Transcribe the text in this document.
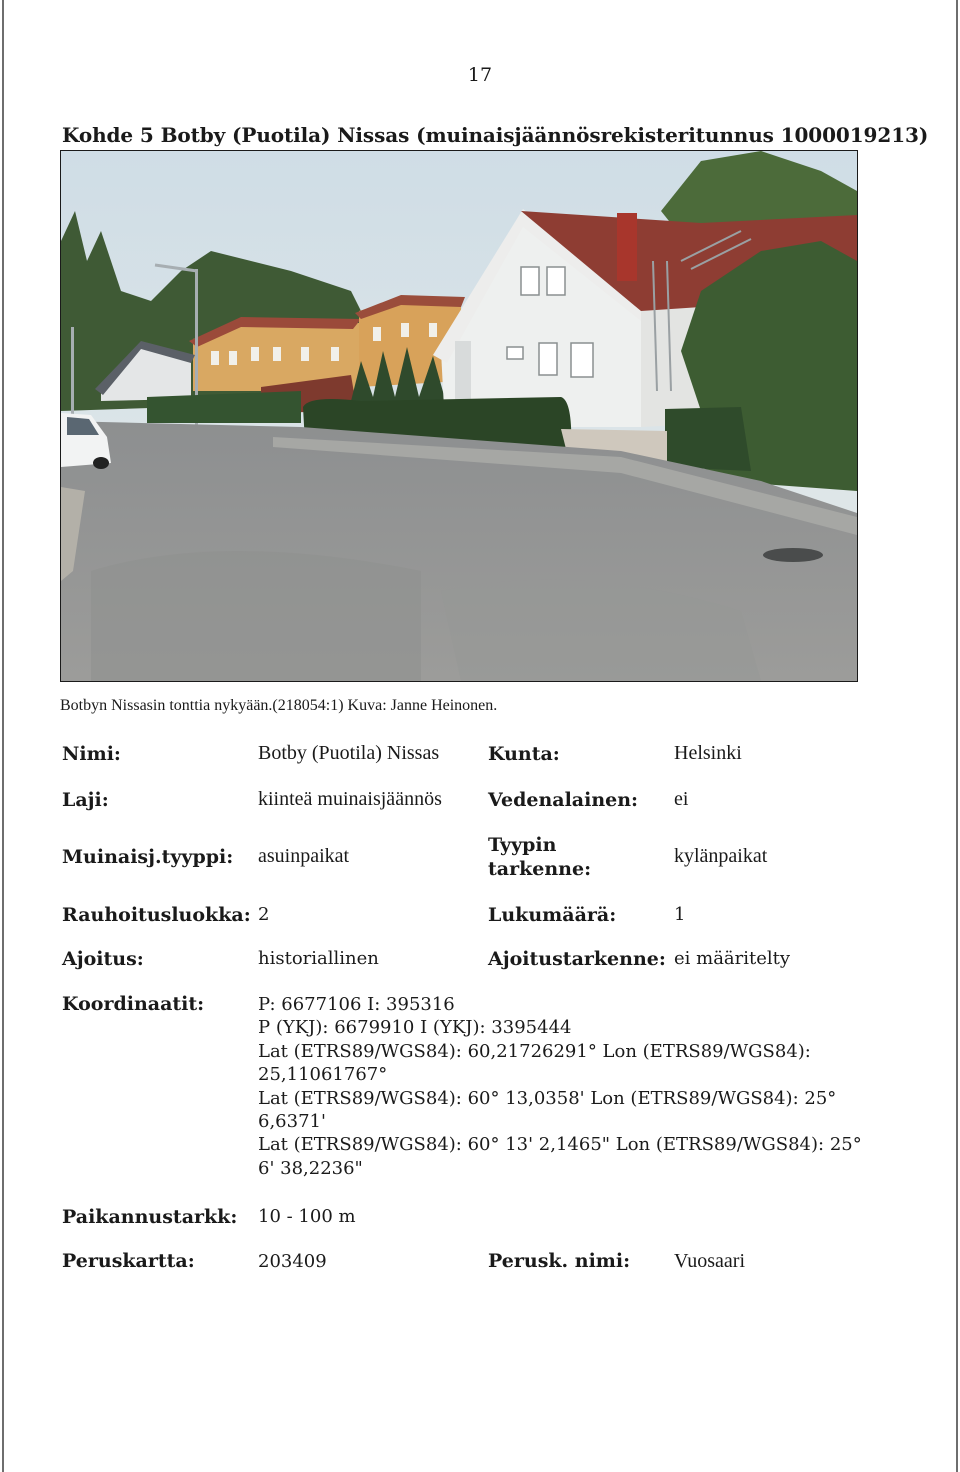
17
Kohde 5 Botby (Puotila) Nissas (muinaisjäännösrekisteritunnus 1000019213)
Botbyn Nissasin tonttia nykyään.(218054:1) Kuva: Janne Heinonen.
Nimi:	Botby (Puotila) Nissas	Kunta:	Helsinki
Laji:	kiinteä muinaisjäännös Vedenalainen: ei
Muinaisj.tyyppi: asuinpaikat	Tyypin
tarkenne:
kylänpaikat
Rauhoitusluokka: 2	Lukumäärä:	1
Ajoitus:	historiallinen	Ajoitustarkenne: ei määritelty
Koordinaatit:	P: 6677106 I: 395316
P (YKJ): 6679910 I (YKJ): 3395444
Lat (ETRS89/WGS84): 60,21726291° Lon (ETRS89/WGS84):
25,11061767°
Lat (ETRS89/WGS84): 60° 13,0358' Lon (ETRS89/WGS84): 25°
6,6371'
Lat (ETRS89/WGS84): 60° 13' 2,1465" Lon (ETRS89/WGS84): 25°
6' 38,2236"
Paikannustarkk: 10 - 100 m
Peruskartta:	203409	Perusk. nimi: Vuosaari
